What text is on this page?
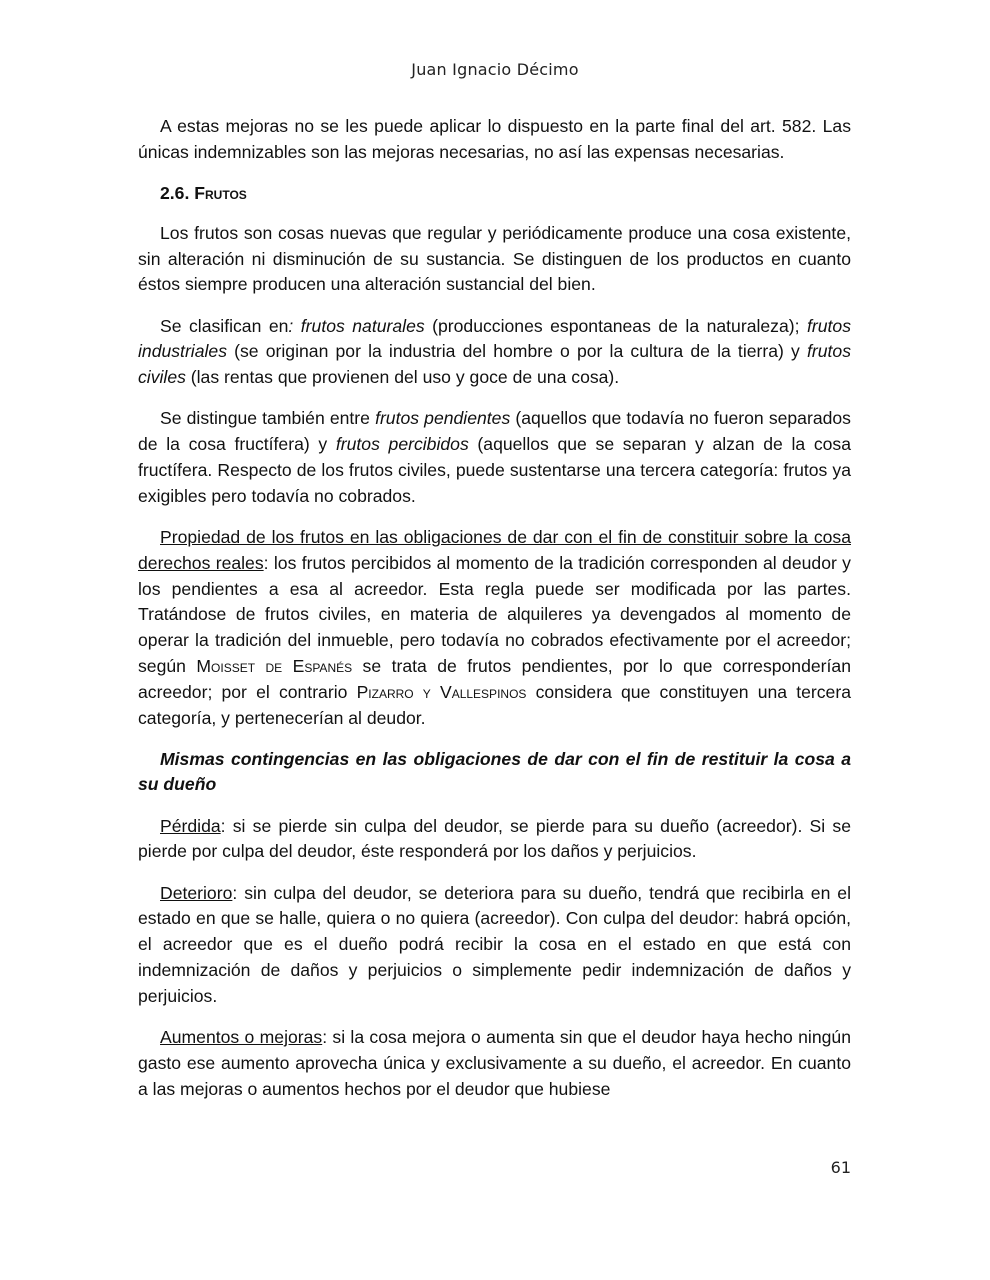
Juan Ignacio Décimo

A estas mejoras no se les puede aplicar lo dispuesto en la parte final del art. 582. Las únicas indemnizables son las mejoras necesarias, no así las expensas necesarias.

2.6. Frutos

Los frutos son cosas nuevas que regular y periódicamente produce una cosa existente, sin alteración ni disminución de su sustancia. Se distinguen de los productos en cuanto éstos siempre producen una alteración sustancial del bien.

Se clasifican en: frutos naturales (producciones espontaneas de la naturaleza); frutos industriales (se originan por la industria del hombre o por la cultura de la tierra) y frutos civiles (las rentas que provienen del uso y goce de una cosa).

Se distingue también entre frutos pendientes (aquellos que todavía no fueron separados de la cosa fructífera) y frutos percibidos (aquellos que se separan y alzan de la cosa fructífera. Respecto de los frutos civiles, puede sustentarse una tercera categoría: frutos ya exigibles pero todavía no cobrados.

Propiedad de los frutos en las obligaciones de dar con el fin de constituir sobre la cosa derechos reales: los frutos percibidos al momento de la tradición corresponden al deudor y los pendientes a esa al acreedor. Esta regla puede ser modificada por las partes. Tratándose de frutos civiles, en materia de alquileres ya devengados al momento de operar la tradición del inmueble, pero todavía no cobrados efectivamente por el acreedor; según Moisset de Espanés se trata de frutos pendientes, por lo que corresponderían acreedor; por el contrario Pizarro y Vallespinos considera que constituyen una tercera categoría, y pertenecerían al deudor.

Mismas contingencias en las obligaciones de dar con el fin de restituir la cosa a su dueño

Pérdida: si se pierde sin culpa del deudor, se pierde para su dueño (acreedor). Si se pierde por culpa del deudor, éste responderá por los daños y perjuicios.

Deterioro: sin culpa del deudor, se deteriora para su dueño, tendrá que recibirla en el estado en que se halle, quiera o no quiera (acreedor). Con culpa del deudor: habrá opción, el acreedor que es el dueño podrá recibir la cosa en el estado en que está con indemnización de daños y perjuicios o simplemente pedir indemnización de daños y perjuicios.

Aumentos o mejoras: si la cosa mejora o aumenta sin que el deudor haya hecho ningún gasto ese aumento aprovecha única y exclusivamente a su dueño, el acreedor. En cuanto a las mejoras o aumentos hechos por el deudor que hubiese

61
